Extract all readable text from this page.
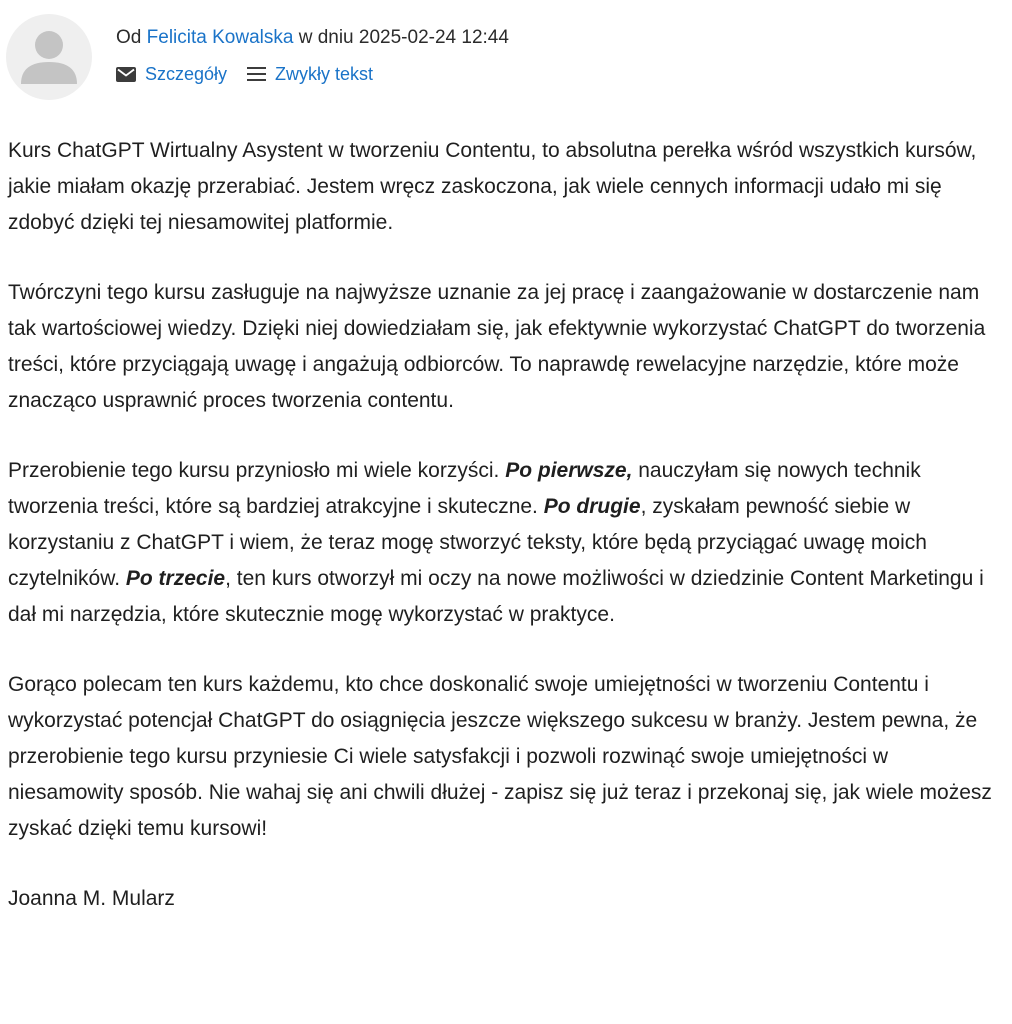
Od Felicita Kowalska w dniu 2025-02-24 12:44
Szczegóły	Zwykły tekst

Kurs ChatGPT Wirtualny Asystent w tworzeniu Contentu, to absolutna perełka wśród wszystkich kursów, jakie miałam okazję przerabiać. Jestem wręcz zaskoczona, jak wiele cennych informacji udało mi się zdobyć dzięki tej niesamowitej platformie.

Twórczyni tego kursu zasługuje na najwyższe uznanie za jej pracę i zaangażowanie w dostarczenie nam tak wartościowej wiedzy. Dzięki niej dowiedziałam się, jak efektywnie wykorzystać ChatGPT do tworzenia treści, które przyciągają uwagę i angażują odbiorców. To naprawdę rewelacyjne narzędzie, które może znacząco usprawnić proces tworzenia contentu.

Przerobienie tego kursu przyniosło mi wiele korzyści. Po pierwsze, nauczyłam się nowych technik tworzenia treści, które są bardziej atrakcyjne i skuteczne. Po drugie, zyskałam pewność siebie w korzystaniu z ChatGPT i wiem, że teraz mogę stworzyć teksty, które będą przyciągać uwagę moich czytelników. Po trzecie, ten kurs otworzył mi oczy na nowe możliwości w dziedzinie Content Marketingu i dał mi narzędzia, które skutecznie mogę wykorzystać w praktyce.

Gorąco polecam ten kurs każdemu, kto chce doskonalić swoje umiejętności w tworzeniu Contentu i wykorzystać potencjał ChatGPT do osiągnięcia jeszcze większego sukcesu w branży. Jestem pewna, że przerobienie tego kursu przyniesie Ci wiele satysfakcji i pozwoli rozwinąć swoje umiejętności w niesamowity sposób. Nie wahaj się ani chwili dłużej - zapisz się już teraz i przekonaj się, jak wiele możesz zyskać dzięki temu kursowi!

Joanna M. Mularz
